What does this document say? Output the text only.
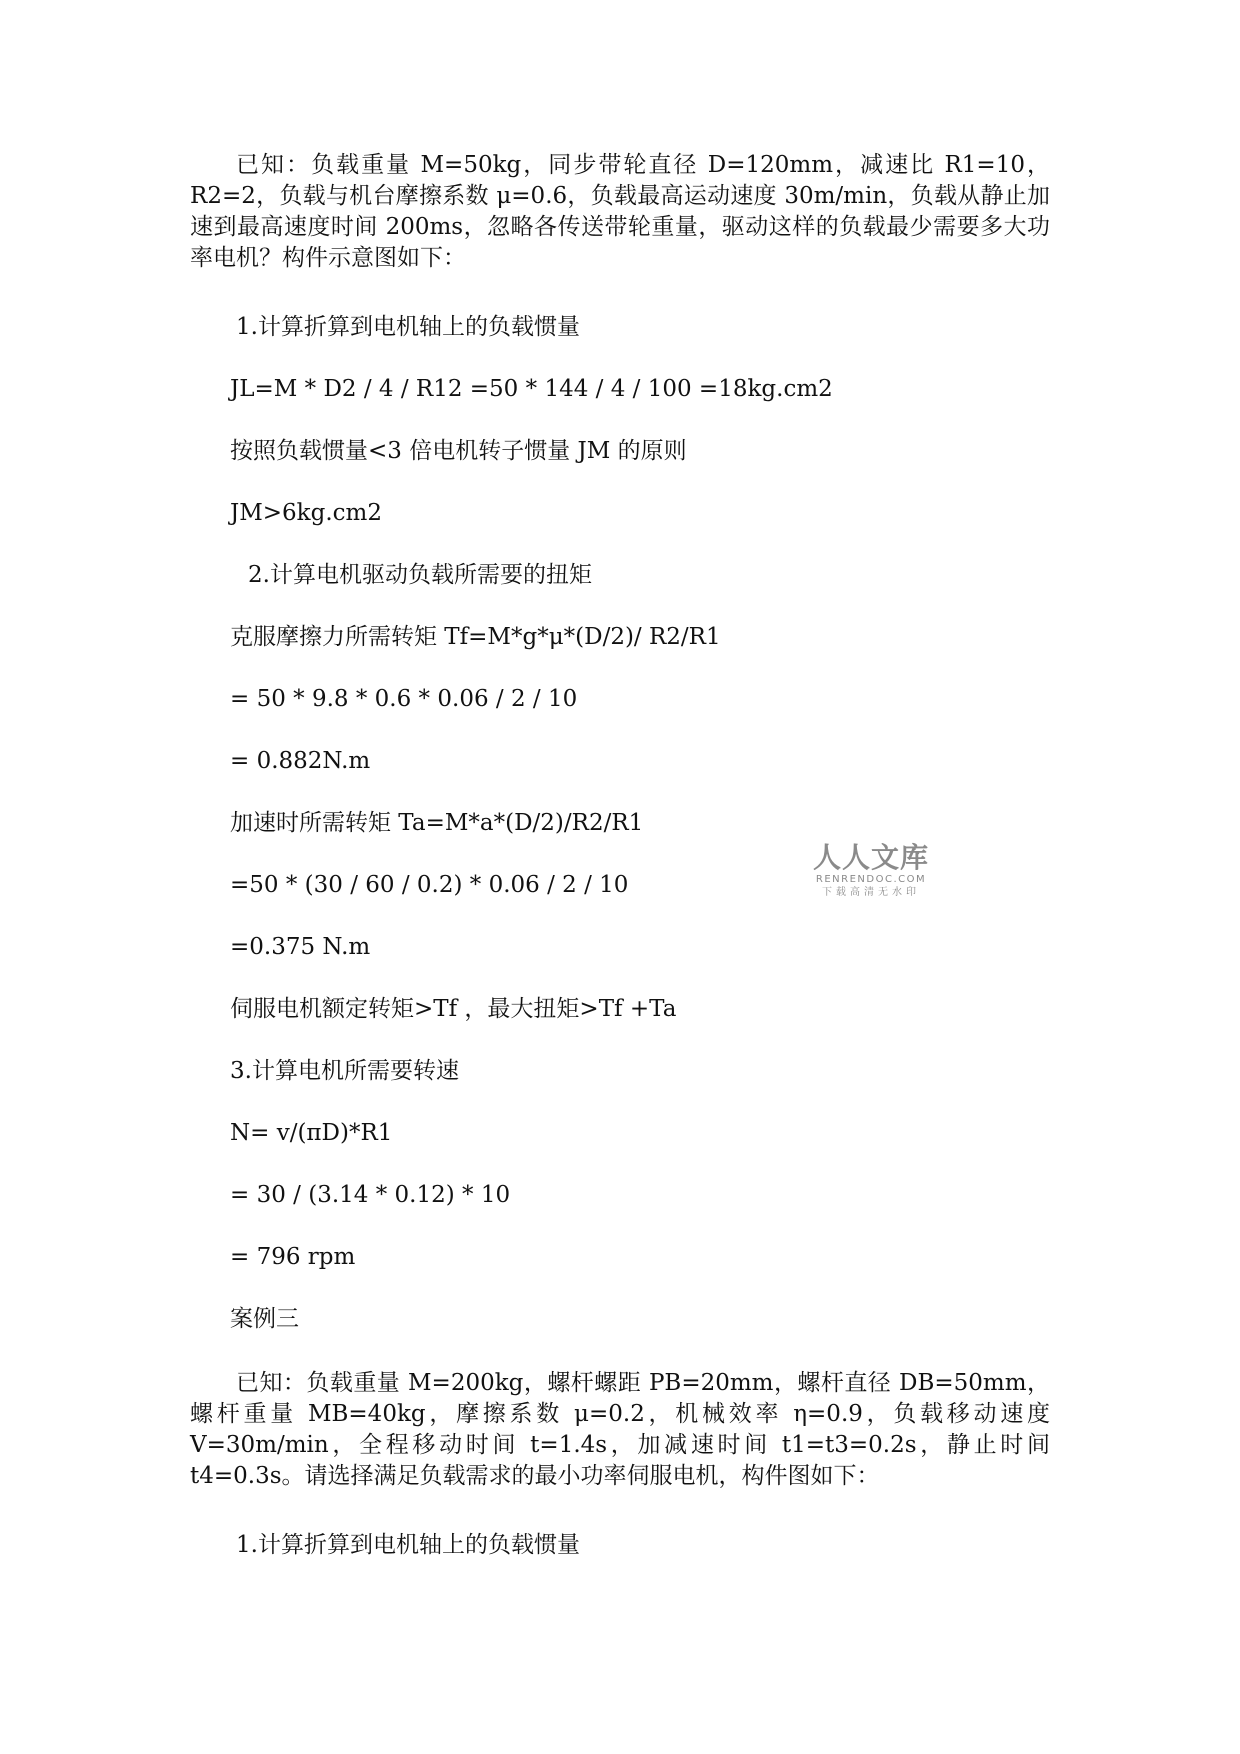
已知：负载重量 M=50kg，同步带轮直径 D=120mm，减速比 R1=10，R2=2，负载与机台摩擦系数 μ=0.6，负载最高运动速度 30m/min，负载从静止加速到最高速度时间 200ms，忽略各传送带轮重量，驱动这样的负载最少需要多大功率电机？构件示意图如下：

1.计算折算到电机轴上的负载惯量
JL=M * D2 / 4 / R12 =50 * 144 / 4 / 100 =18kg.cm2
按照负载惯量<3 倍电机转子惯量 JM 的原则
JM>6kg.cm2
2.计算电机驱动负载所需要的扭矩
克服摩擦力所需转矩 Tf=M*g*μ*(D/2)/ R2/R1
= 50 * 9.8 * 0.6 * 0.06 / 2 / 10
= 0.882N.m
加速时所需转矩 Ta=M*a*(D/2)/R2/R1
=50 * (30 / 60 / 0.2) * 0.06 / 2 / 10
=0.375 N.m
伺服电机额定转矩>Tf ，最大扭矩>Tf +Ta
3.计算电机所需要转速
N= v/(πD)*R1
= 30 / (3.14 * 0.12) * 10
= 796 rpm
案例三

已知：负载重量 M=200kg，螺杆螺距 PB=20mm，螺杆直径 DB=50mm，螺杆重量 MB=40kg，摩擦系数 μ=0.2，机械效率 η=0.9，负载移动速度 V=30m/min，全程移动时间 t=1.4s，加减速时间 t1=t3=0.2s，静止时间 t4=0.3s。请选择满足负载需求的最小功率伺服电机，构件图如下：

1.计算折算到电机轴上的负载惯量
人人文库
RENRENDOC.COM
下载高清无水印
